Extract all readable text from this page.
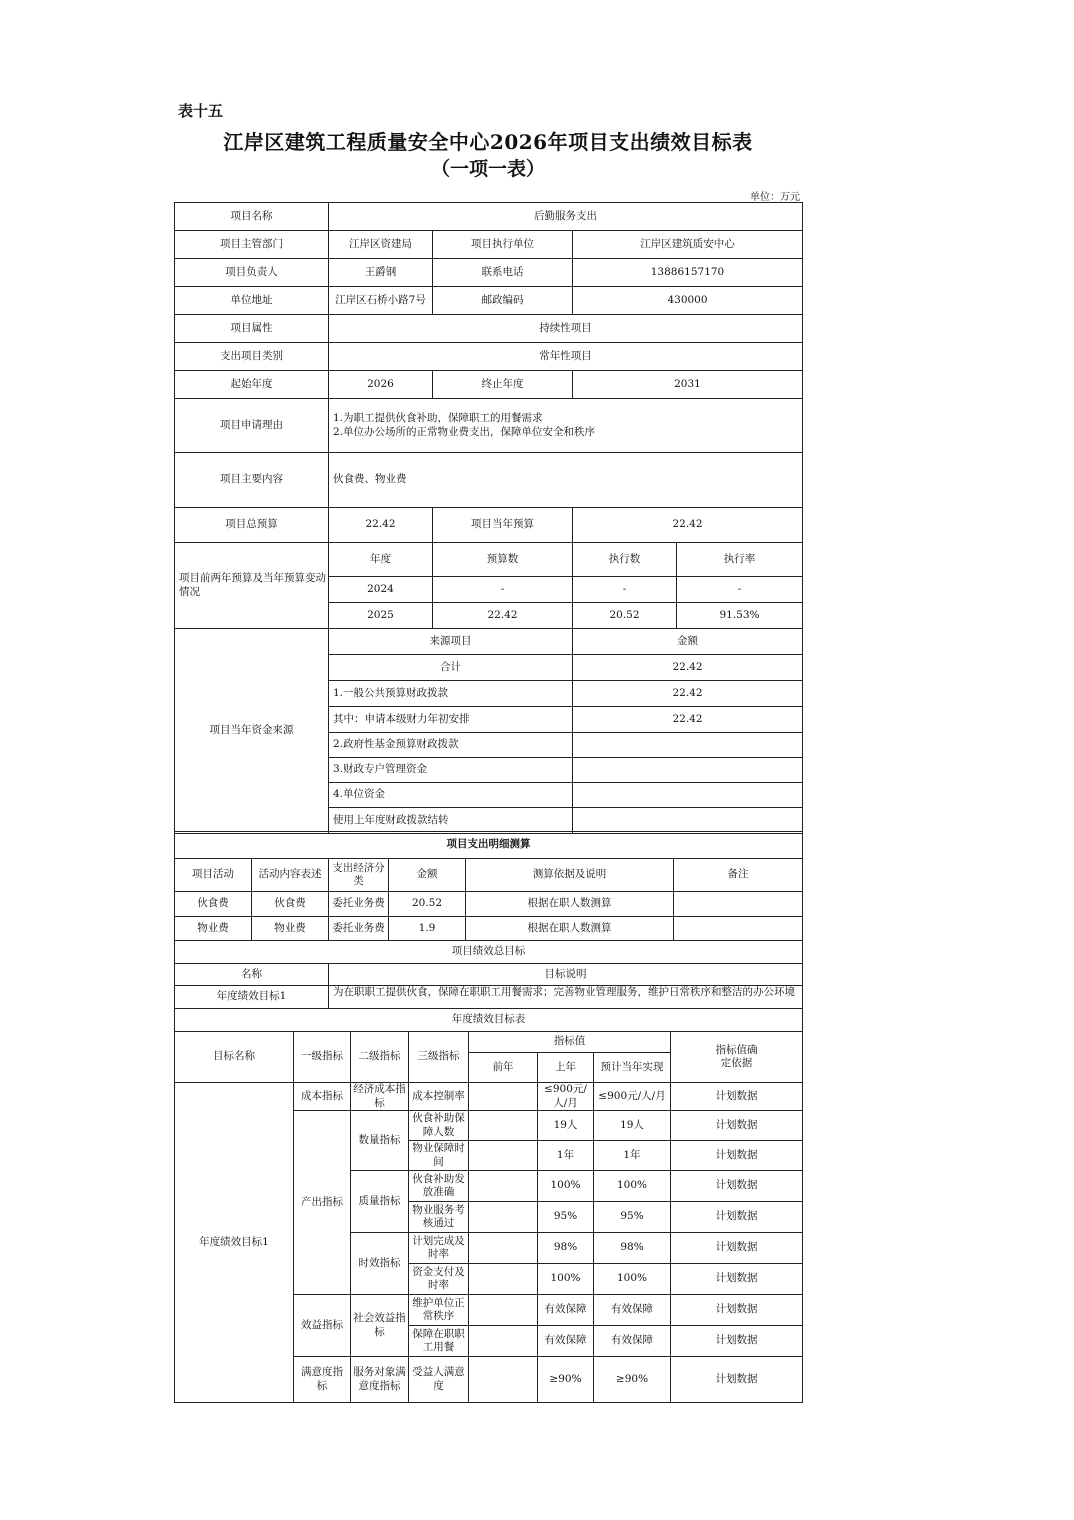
表十五
江岸区建筑工程质量安全中心2026年项目支出绩效目标表
（一项一表）
单位：万元
项目名称	后勤服务支出			
项目主管部门	江岸区资建局	项目执行单位	江岸区建筑质安中心	
项目负责人	王爵钢	联系电话	13886157170	
单位地址	江岸区石桥小路7号	邮政编码	430000	
项目属性	持续性项目			
支出项目类别	常年性项目			
起始年度	2026	终止年度	2031	
项目申请理由	1.为职工提供伙食补助，保障职工的用餐需求
2.单位办公场所的正常物业费支出，保障单位安全和秩序			

项目主要内容	伙食费、物业费			
项目总预算	22.42	项目当年预算	22.42	
项目前两年预算及当年预算变动情况	年度	预算数	执行数	执行率
	2024	-	-	-
	2025	22.42	20.52	91.53%
项目当年资金来源	来源项目		金额	
	合计		22.42	
	1.一般公共预算财政拨款		22.42	
	其中：申请本级财力年初安排		22.42	
	2.政府性基金预算财政拨款			
	3.财政专户管理资金			
	4.单位资金			
	使用上年度财政拨款结转			
项目支出明细测算					
项目活动	活动内容表述	支出经济分类	金额	测算依据及说明	备注
伙食费	伙食费	委托业务费	20.52	根据在职人数测算	
物业费	物业费	委托业务费	1.9	根据在职人数测算	
项目绩效总目标					
名称		目标说明			
年度绩效目标1		为在职职工提供伙食，保障在职职工用餐需求；完善物业管理服务，维护日常秩序和整洁的办公环境			
年度绩效目标表							
目标名称	一级指标	二级指标	三级指标	指标值			指标值确定依据
				前年	上年	预计当年实现	
年度绩效目标1	成本指标	经济成本指标	成本控制率		≤900元/人/月	≤900元/人/月	计划数据
	产出指标	数量指标	伙食补助保障人数		19人	19人	计划数据
			物业保障时间		1年	1年	计划数据
		质量指标	伙食补助发放准确		100%	100%	计划数据
			物业服务考核通过		95%	95%	计划数据
		时效指标	计划完成及时率		98%	98%	计划数据
			资金支付及时率		100%	100%	计划数据
	效益指标	社会效益指标	维护单位正常秩序		有效保障	有效保障	计划数据
			保障在职职工用餐		有效保障	有效保障	计划数据
	满意度指标	服务对象满意度指标	受益人满意度		≥90%	≥90%	计划数据
